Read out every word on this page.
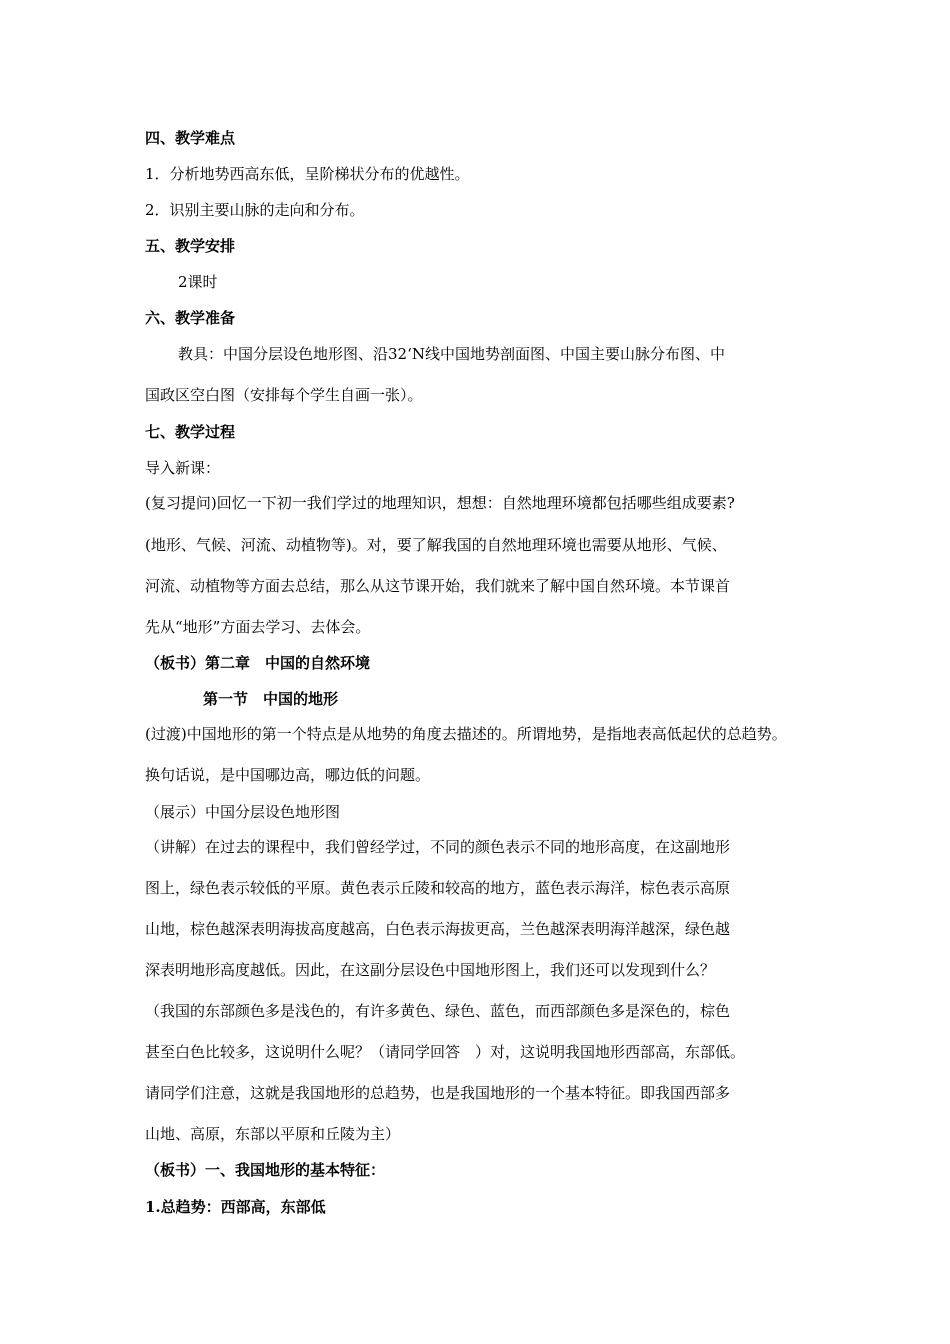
四、教学难点
1．分析地势西高东低，呈阶梯状分布的优越性。
2．识别主要山脉的走向和分布。
五、教学安排
2课时
六、教学准备
教具：中国分层设色地形图、沿32‘N线中国地势剖面图、中国主要山脉分布图、中
国政区空白图（安排每个学生自画一张）。
七、教学过程
导入新课：
(复习提问)回忆一下初一我们学过的地理知识，想想：自然地理环境都包括哪些组成要素?
(地形、气候、河流、动植物等)。对，要了解我国的自然地理环境也需要从地形、气候、
河流、动植物等方面去总结，那么从这节课开始，我们就来了解中国自然环境。本节课首
先从“地形”方面去学习、去体会。
（板书）第二章　中国的自然环境
第一节　中国的地形
(过渡)中国地形的第一个特点是从地势的角度去描述的。所谓地势，是指地表高低起伏的总趋势。
换句话说，是中国哪边高，哪边低的问题。
（展示）中国分层设色地形图
（讲解）在过去的课程中，我们曾经学过，不同的颜色表示不同的地形高度，在这副地形
图上，绿色表示较低的平原。黄色表示丘陵和较高的地方，蓝色表示海洋，棕色表示高原
山地，棕色越深表明海拔高度越高，白色表示海拔更高，兰色越深表明海洋越深，绿色越
深表明地形高度越低。因此，在这副分层设色中国地形图上，我们还可以发现到什么？
（我国的东部颜色多是浅色的，有许多黄色、绿色、蓝色，而西部颜色多是深色的，棕色
甚至白色比较多，这说明什么呢？（请同学回答　）对，这说明我国地形西部高，东部低。
请同学们注意，这就是我国地形的总趋势，也是我国地形的一个基本特征。即我国西部多
山地、高原，东部以平原和丘陵为主）
（板书）一、我国地形的基本特征：
1.总趋势：西部高，东部低
